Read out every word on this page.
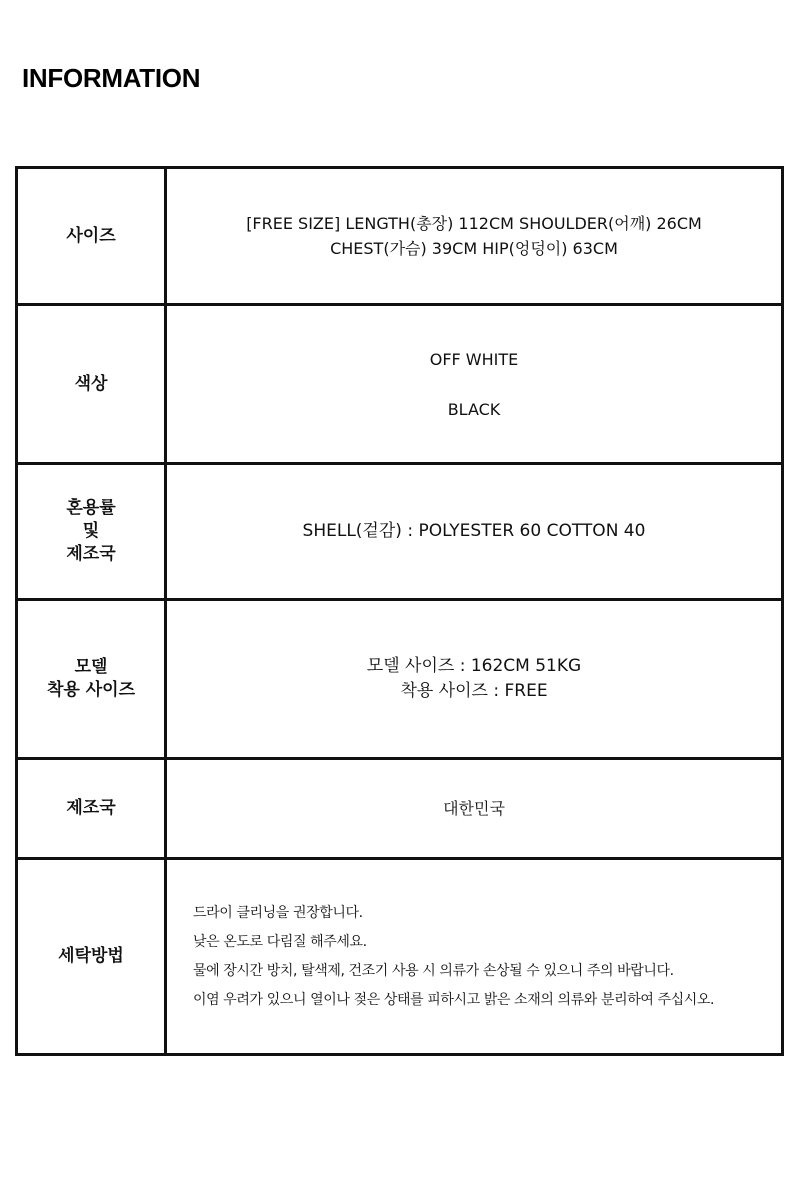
INFORMATION
사이즈	[FREE SIZE] LENGTH(총장) 112CM SHOULDER(어깨) 26CM
CHEST(가슴) 39CM HIP(엉덩이) 63CM

색상	OFF WHITE
BLACK

혼용률
및
제조국	SHELL(겉감) : POLYESTER 60 COTTON 40

모델
착용 사이즈	모델 사이즈 : 162CM 51KG
착용 사이즈 : FREE

제조국	대한민국

세탁방법	드라이 클리닝을 권장합니다.
낮은 온도로 다림질 해주세요.
물에 장시간 방치, 탈색제, 건조기 사용 시 의류가 손상될 수 있으니 주의 바랍니다.
이염 우려가 있으니 열이나 젖은 상태를 피하시고 밝은 소재의 의류와 분리하여 주십시오.
